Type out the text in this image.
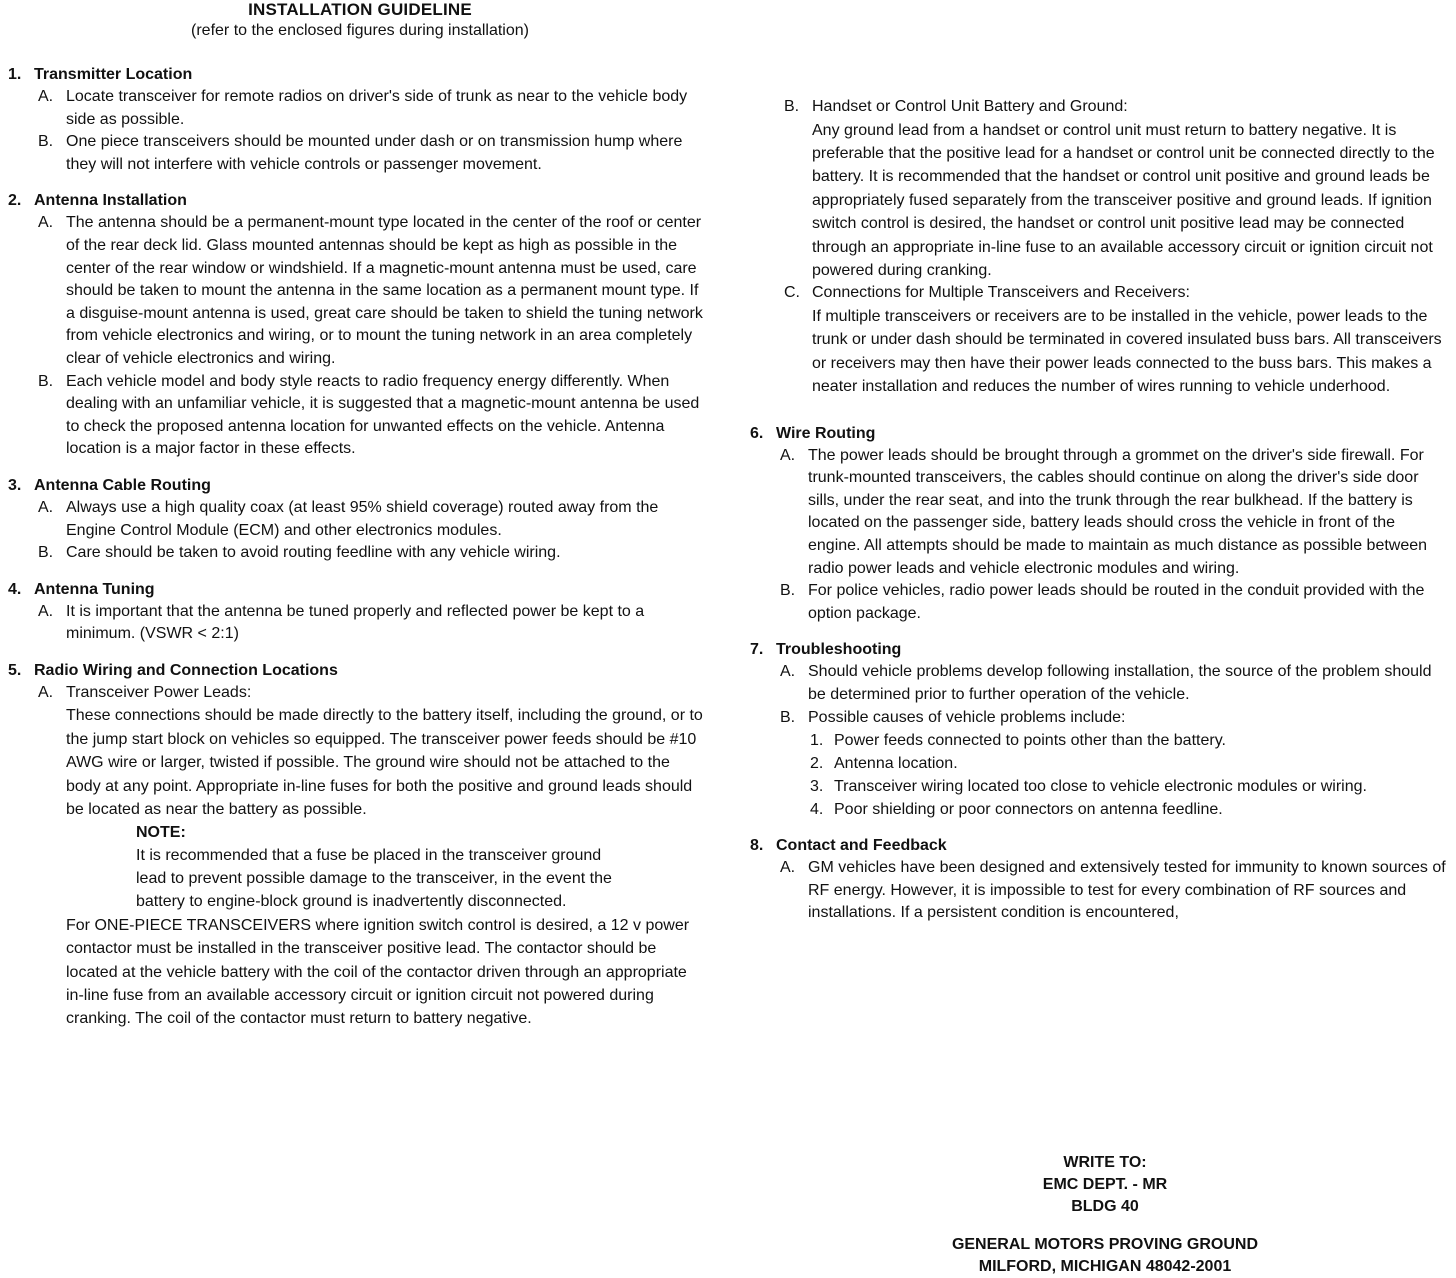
INSTALLATION GUIDELINE
(refer to the enclosed figures during installation)
1. Transmitter Location
A. Locate transceiver for remote radios on driver's side of trunk as near to the vehicle body side as possible.
B. One piece transceivers should be mounted under dash or on transmission hump where they will not interfere with vehicle controls or passenger movement.
2. Antenna Installation
A. The antenna should be a permanent-mount type located in the center of the roof or center of the rear deck lid. Glass mounted antennas should be kept as high as possible in the center of the rear window or windshield. If a magnetic-mount antenna must be used, care should be taken to mount the antenna in the same location as a permanent mount type. If a disguise-mount antenna is used, great care should be taken to shield the tuning network from vehicle electronics and wiring, or to mount the tuning network in an area completely clear of vehicle electronics and wiring.
B. Each vehicle model and body style reacts to radio frequency energy differently. When dealing with an unfamiliar vehicle, it is suggested that a magnetic-mount antenna be used to check the proposed antenna location for unwanted effects on the vehicle. Antenna location is a major factor in these effects.
3. Antenna Cable Routing
A. Always use a high quality coax (at least 95% shield coverage) routed away from the Engine Control Module (ECM) and other electronics modules.
B. Care should be taken to avoid routing feedline with any vehicle wiring.
4. Antenna Tuning
A. It is important that the antenna be tuned properly and reflected power be kept to a minimum. (VSWR < 2:1)
5. Radio Wiring and Connection Locations
A. Transceiver Power Leads:

These connections should be made directly to the battery itself, including the ground, or to the jump start block on vehicles so equipped. The transceiver power feeds should be #10 AWG wire or larger, twisted if possible. The ground wire should not be attached to the body at any point. Appropriate in-line fuses for both the positive and ground leads should be located as near the battery as possible.

NOTE:
It is recommended that a fuse be placed in the transceiver ground lead to prevent possible damage to the transceiver, in the event the battery to engine-block ground is inadvertently disconnected.

For ONE-PIECE TRANSCEIVERS where ignition switch control is desired, a 12 v power contactor must be installed in the transceiver positive lead. The contactor should be located at the vehicle battery with the coil of the contactor driven through an appropriate in-line fuse from an available accessory circuit or ignition circuit not powered during cranking. The coil of the contactor must return to battery negative.

B. Handset or Control Unit Battery and Ground:

Any ground lead from a handset or control unit must return to battery negative. It is preferable that the positive lead for a handset or control unit be connected directly to the battery. It is recommended that the handset or control unit positive and ground leads be appropriately fused separately from the transceiver positive and ground leads. If ignition switch control is desired, the handset or control unit positive lead may be connected through an appropriate in-line fuse to an available accessory circuit or ignition circuit not powered during cranking.

C. Connections for Multiple Transceivers and Receivers:

If multiple transceivers or receivers are to be installed in the vehicle, power leads to the trunk or under dash should be terminated in covered insulated buss bars. All transceivers or receivers may then have their power leads connected to the buss bars. This makes a neater installation and reduces the number of wires running to vehicle underhood.

6. Wire Routing
A. The power leads should be brought through a grommet on the driver's side firewall. For trunk-mounted transceivers, the cables should continue on along the driver's side door sills, under the rear seat, and into the trunk through the rear bulkhead. If the battery is located on the passenger side, battery leads should cross the vehicle in front of the engine. All attempts should be made to maintain as much distance as possible between radio power leads and vehicle electronic modules and wiring.
B. For police vehicles, radio power leads should be routed in the conduit provided with the option package.
7. Troubleshooting
A. Should vehicle problems develop following installation, the source of the problem should be determined prior to further operation of the vehicle.
B. Possible causes of vehicle problems include:
1. Power feeds connected to points other than the battery.
2. Antenna location.
3. Transceiver wiring located too close to vehicle electronic modules or wiring.
4. Poor shielding or poor connectors on antenna feedline.
8. Contact and Feedback
A. GM vehicles have been designed and extensively tested for immunity to known sources of RF energy. However, it is impossible to test for every combination of RF sources and installations. If a persistent condition is encountered,
WRITE TO:
EMC DEPT. - MR
BLDG 40
GENERAL MOTORS PROVING GROUND
MILFORD, MICHIGAN 48042-2001
